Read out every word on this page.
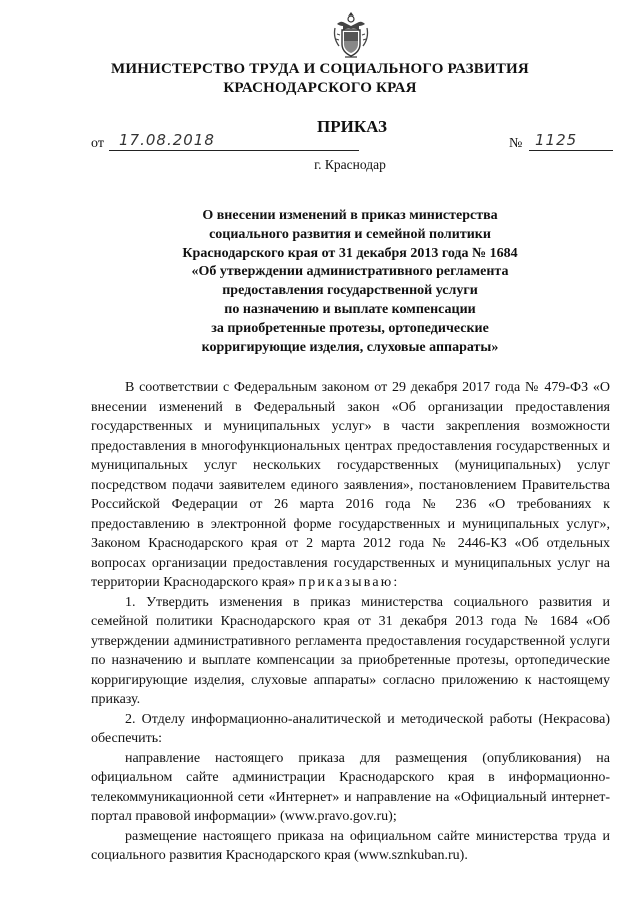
МИНИСТЕРСТВО ТРУДА И СОЦИАЛЬНОГО РАЗВИТИЯ
КРАСНОДАРСКОГО КРАЯ
ПРИКАЗ
от 17.08.2018	№ 1125
г. Краснодар
О внесении изменений в приказ министерства
социального развития и семейной политики
Краснодарского края от 31 декабря 2013 года № 1684
«Об утверждении административного регламента
предоставления государственной услуги
по назначению и выплате компенсации
за приобретенные протезы, ортопедические
корригирующие изделия, слуховые аппараты»

В соответствии с Федеральным законом от 29 декабря 2017 года № 479-ФЗ «О внесении изменений в Федеральный закон «Об организации предоставления государственных и муниципальных услуг» в части закрепления возможности предоставления в многофункциональных центрах предоставления государственных и муниципальных услуг нескольких государственных (муниципальных) услуг посредством подачи заявителем единого заявления», постановлением Правительства Российской Федерации от 26 марта 2016 года № 236 «О требованиях к предоставлению в электронной форме государственных и муниципальных услуг», Законом Краснодарского края от 2 марта 2012 года № 2446-КЗ «Об отдельных вопросах организации предоставления государственных и муниципальных услуг на территории Краснодарского края» приказываю:

1. Утвердить изменения в приказ министерства социального развития и семейной политики Краснодарского края от 31 декабря 2013 года № 1684 «Об утверждении административного регламента предоставления государственной услуги по назначению и выплате компенсации за приобретенные протезы, ортопедические корригирующие изделия, слуховые аппараты» согласно приложению к настоящему приказу.

2. Отделу информационно-аналитической и методической работы (Некрасова) обеспечить:

направление настоящего приказа для размещения (опубликования) на официальном сайте администрации Краснодарского края в информационно-телекоммуникационной сети «Интернет» и направление на «Официальный интернет-портал правовой информации» (www.pravo.gov.ru);

размещение настоящего приказа на официальном сайте министерства труда и социального развития Краснодарского края (www.sznkuban.ru).
